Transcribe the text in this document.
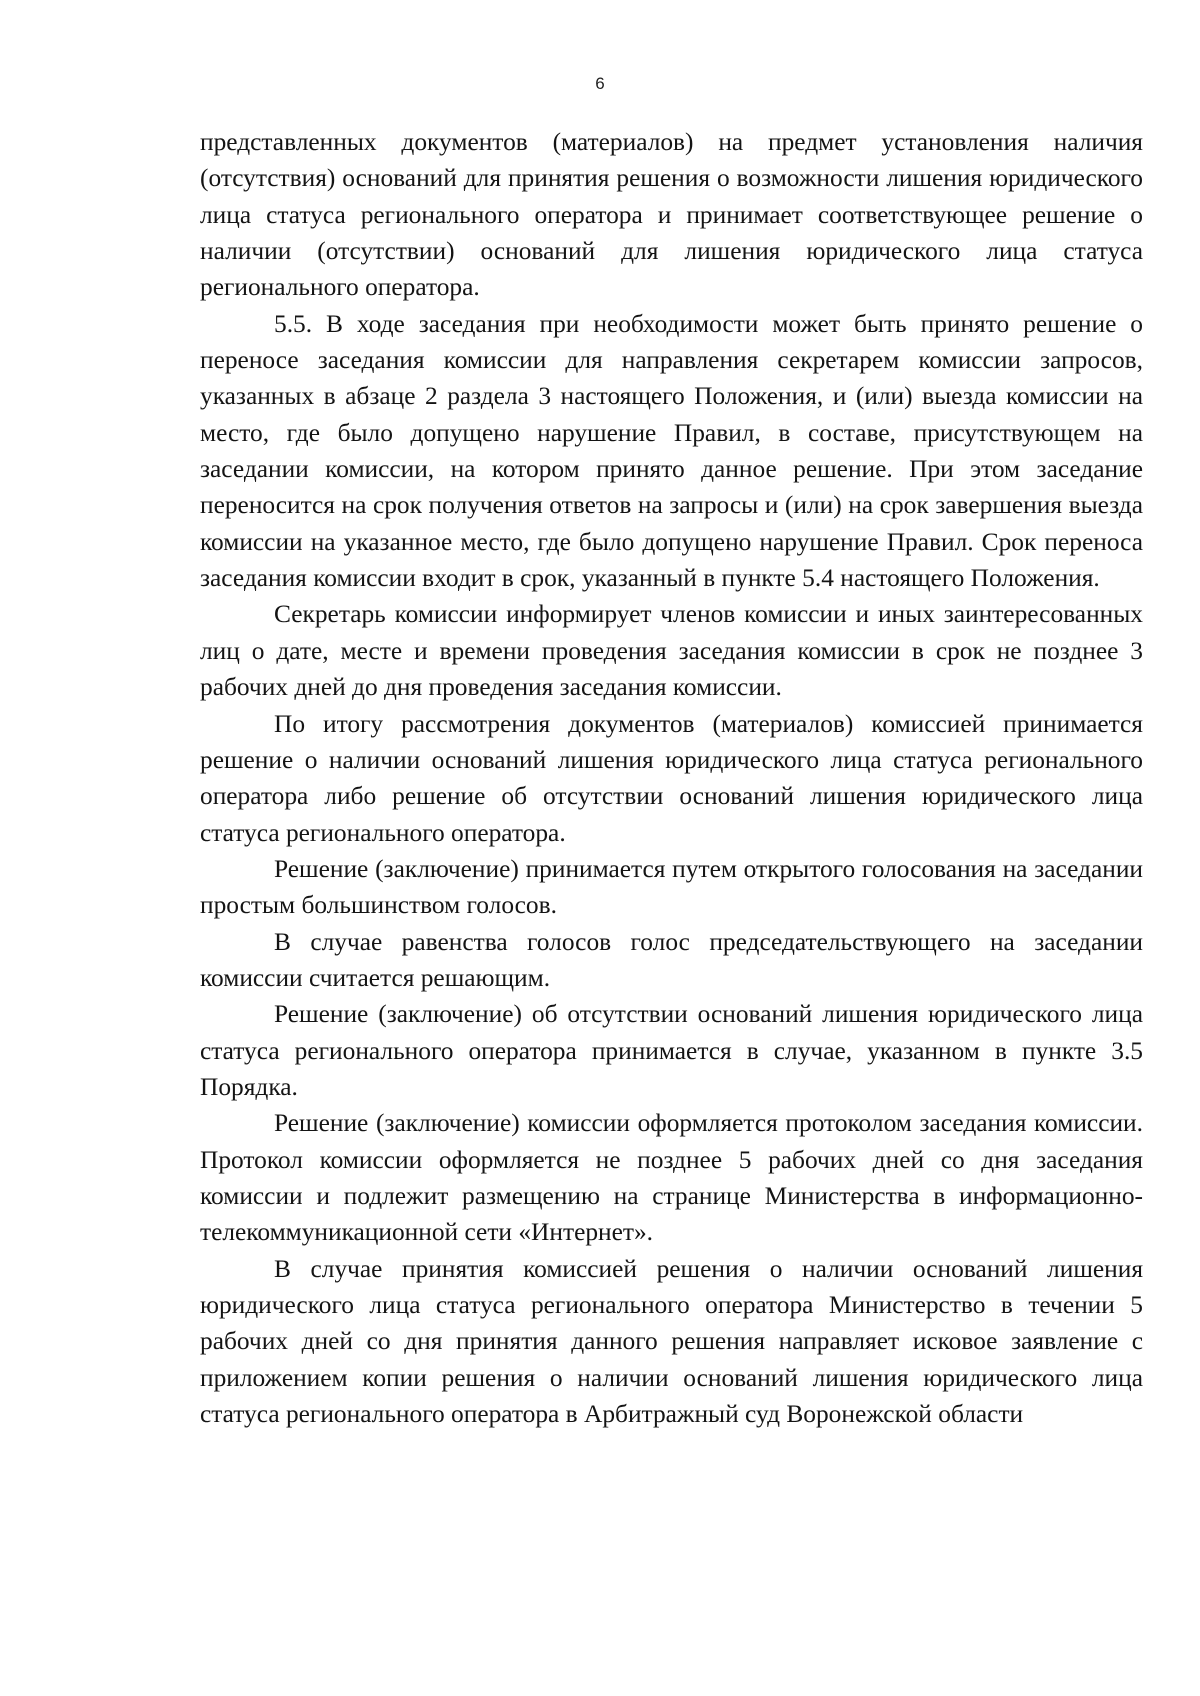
6

представленных документов (материалов) на предмет установления наличия (отсутствия) оснований для принятия решения о возможности лишения юридического лица статуса регионального оператора и принимает соответствующее решение о наличии (отсутствии) оснований для лишения юридического лица статуса регионального оператора.

5.5. В ходе заседания при необходимости может быть принято решение о переносе заседания комиссии для направления секретарем комиссии запросов, указанных в абзаце 2 раздела 3 настоящего Положения, и (или) выезда комиссии на место, где было допущено нарушение Правил, в составе, присутствующем на заседании комиссии, на котором принято данное решение. При этом заседание переносится на срок получения ответов на запросы и (или) на срок завершения выезда комиссии на указанное место, где было допущено нарушение Правил. Срок переноса заседания комиссии входит в срок, указанный в пункте 5.4 настоящего Положения.

Секретарь комиссии информирует членов комиссии и иных заинтересованных лиц о дате, месте и времени проведения заседания комиссии в срок не позднее 3 рабочих дней до дня проведения заседания комиссии.

По итогу рассмотрения документов (материалов) комиссией принимается решение о наличии оснований лишения юридического лица статуса регионального оператора либо решение об отсутствии оснований лишения юридического лица статуса регионального оператора.

Решение (заключение) принимается путем открытого голосования на заседании простым большинством голосов.

В случае равенства голосов голос председательствующего на заседании комиссии считается решающим.

Решение (заключение) об отсутствии оснований лишения юридического лица статуса регионального оператора принимается в случае, указанном в пункте 3.5 Порядка.

Решение (заключение) комиссии оформляется протоколом заседания комиссии. Протокол комиссии оформляется не позднее 5 рабочих дней со дня заседания комиссии и подлежит размещению на странице Министерства в информационно-телекоммуникационной сети «Интернет».

В случае принятия комиссией решения о наличии оснований лишения юридического лица статуса регионального оператора Министерство в течении 5 рабочих дней со дня принятия данного решения направляет исковое заявление с приложением копии решения о наличии оснований лишения юридического лица статуса регионального оператора в Арбитражный суд Воронежской области
